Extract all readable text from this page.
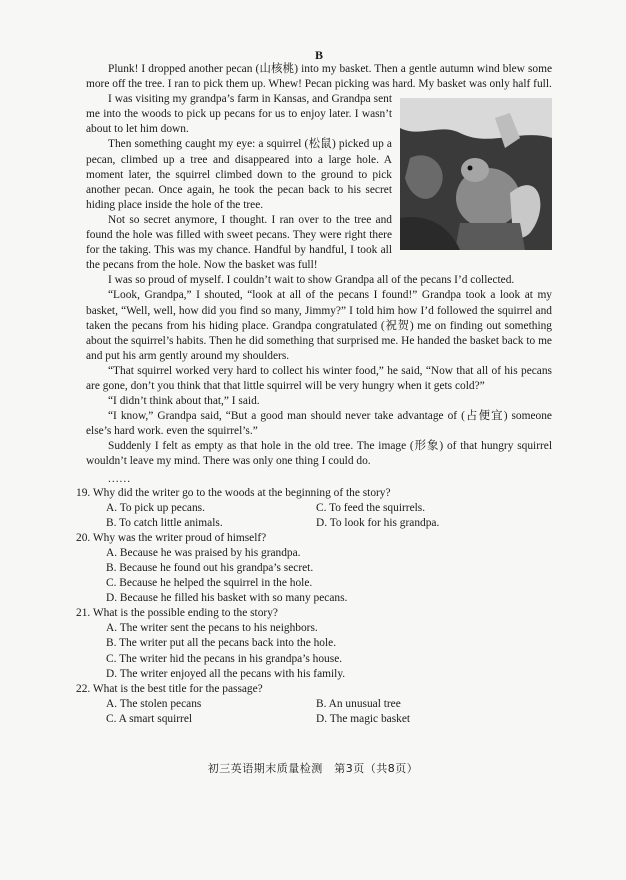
B

Plunk! I dropped another pecan (山核桃) into my basket. Then a gentle autumn wind blew some more off the tree. I ran to pick them up. Whew! Pecan picking was hard. My basket was only half full.

I was visiting my grandpa’s farm in Kansas, and Grandpa sent me into the woods to pick up pecans for us to enjoy later. I wasn’t about to let him down.

Then something caught my eye: a squirrel (松鼠) picked up a pecan, climbed up a tree and disappeared into a large hole. A moment later, the squirrel climbed down to the ground to pick another pecan. Once again, he took the pecan back to his secret hiding place inside the hole of the tree.

Not so secret anymore, I thought. I ran over to the tree and found the hole was filled with sweet pecans. They were right there for the taking. This was my chance. Handful by handful, I took all the pecans from the hole. Now the basket was full!

I was so proud of myself. I couldn’t wait to show Grandpa all of the pecans I’d collected.

“Look, Grandpa,” I shouted, “look at all of the pecans I found!” Grandpa took a look at my basket, “Well, well, how did you find so many, Jimmy?” I told him how I’d followed the squirrel and taken the pecans from his hiding place. Grandpa congratulated (祝贺) me on finding out something about the squirrel’s habits. Then he did something that surprised me. He handed the basket back to me and put his arm gently around my shoulders.

“That squirrel worked very hard to collect his winter food,” he said, “Now that all of his pecans are gone, don’t you think that that little squirrel will be very hungry when it gets cold?”

“I didn’t think about that,” I said.

“I know,” Grandpa said, “But a good man should never take advantage of (占便宜) someone else’s hard work. even the squirrel’s.”

Suddenly I felt as empty as that hole in the old tree. The image (形象) of that hungry squirrel wouldn’t leave my mind. There was only one thing I could do.

......
19. Why did the writer go to the woods at the beginning of the story?
A. To pick up pecans.	C. To feed the squirrels.
B. To catch little animals.	D. To look for his grandpa.
20. Why was the writer proud of himself?
A. Because he was praised by his grandpa.
B. Because he found out his grandpa’s secret.
C. Because he helped the squirrel in the hole.
D. Because he filled his basket with so many pecans.
21. What is the possible ending to the story?
A. The writer sent the pecans to his neighbors.
B. The writer put all the pecans back into the hole.
C. The writer hid the pecans in his grandpa’s house.
D. The writer enjoyed all the pecans with his family.
22. What is the best title for the passage?
A. The stolen pecans	B. An unusual tree
C. A smart squirrel	D. The magic basket
初三英语期末质量检测　第3页（共8页）
